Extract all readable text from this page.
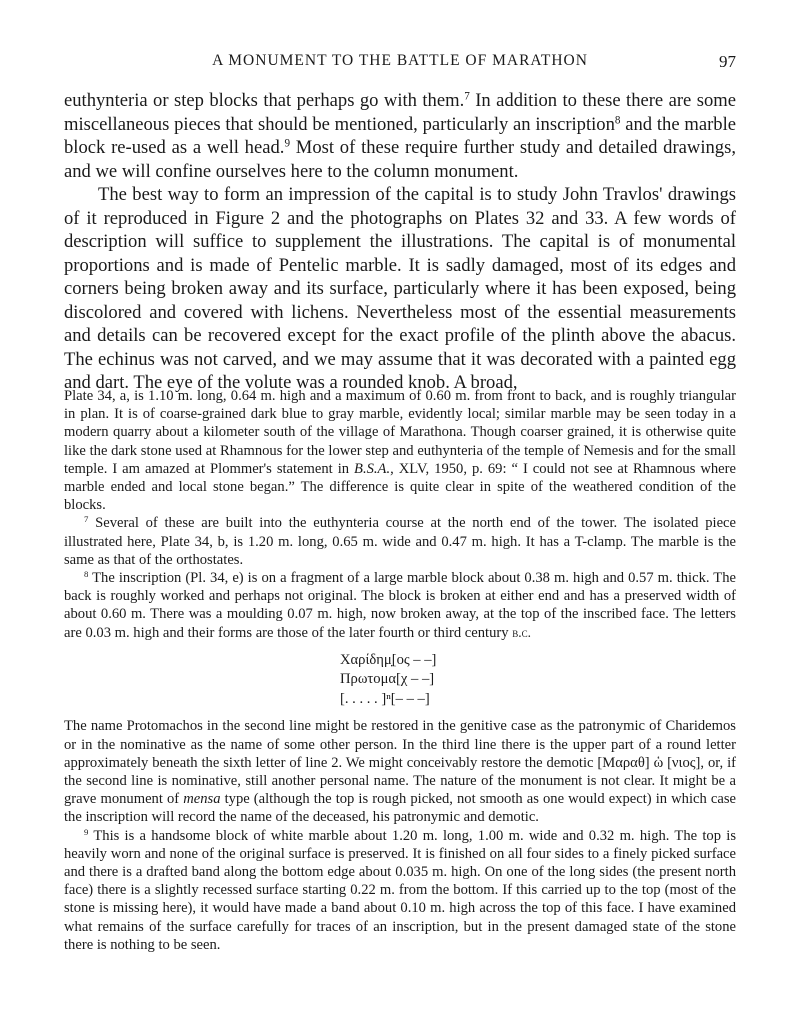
A MONUMENT TO THE BATTLE OF MARATHON	97

euthynteria or step blocks that perhaps go with them.$^7$ In addition to these there are some miscellaneous pieces that should be mentioned, particularly an inscription$^8$ and the marble block re-used as a well head.$^9$ Most of these require further study and detailed drawings, and we will confine ourselves here to the column monument.

The best way to form an impression of the capital is to study John Travlos' drawings of it reproduced in Figure 2 and the photographs on Plates 32 and 33. A few words of description will suffice to supplement the illustrations. The capital is of monumental proportions and is made of Pentelic marble. It is sadly damaged, most of its edges and corners being broken away and its surface, particularly where it has been exposed, being discolored and covered with lichens. Nevertheless most of the essential measurements and details can be recovered except for the exact profile of the plinth above the abacus. The echinus was not carved, and we may assume that it was decorated with a painted egg and dart. The eye of the volute was a rounded knob. A broad,

Plate 34, a, is 1.10 m. long, 0.64 m. high and a maximum of 0.60 m. from front to back, and is roughly triangular in plan. It is of coarse-grained dark blue to gray marble, evidently local; similar marble may be seen today in a modern quarry about a kilometer south of the village of Marathona. Though coarser grained, it is otherwise quite like the dark stone used at Rhamnous for the lower step and euthynteria of the temple of Nemesis and for the small temple. I am amazed at Plommer's statement in B.S.A., XLV, 1950, p. 69: “ I could not see at Rhamnous where marble ended and local stone began.” The difference is quite clear in spite of the weathered condition of the blocks.

$^7$ Several of these are built into the euthynteria course at the north end of the tower. The isolated piece illustrated here, Plate 34, b, is 1.20 m. long, 0.65 m. wide and 0.47 m. high. It has a T-clamp. The marble is the same as that of the orthostates.

$^8$ The inscription (Pl. 34, e) is on a fragment of a large marble block about 0.38 m. high and 0.57 m. thick. The back is roughly worked and perhaps not original. The block is broken at either end and has a preserved width of about 0.60 m. There was a moulding 0.07 m. high, now broken away, at the top of the inscribed face. The letters are 0.03 m. high and their forms are those of the later fourth or third century b.c.

Χαρίδημ̣[ος – –]
Πρωτομα[χ – –]
[. . . . . ]ⁿ[– – –]

The name Protomachos in the second line might be restored in the genitive case as the patronymic of Charidemos or in the nominative as the name of some other person. In the third line there is the upper part of a round letter approximately beneath the sixth letter of line 2. We might conceivably restore the demotic [Μαραθ] ὡ [νιος], or, if the second line is nominative, still another personal name. The nature of the monument is not clear. It might be a grave monument of mensa type (although the top is rough picked, not smooth as one would expect) in which case the inscription will record the name of the deceased, his patronymic and demotic.

$^9$ This is a handsome block of white marble about 1.20 m. long, 1.00 m. wide and 0.32 m. high. The top is heavily worn and none of the original surface is preserved. It is finished on all four sides to a finely picked surface and there is a drafted band along the bottom edge about 0.035 m. high. On one of the long sides (the present north face) there is a slightly recessed surface starting 0.22 m. from the bottom. If this carried up to the top (most of the stone is missing here), it would have made a band about 0.10 m. high across the top of this face. I have examined what remains of the surface carefully for traces of an inscription, but in the present damaged state of the stone there is nothing to be seen.
